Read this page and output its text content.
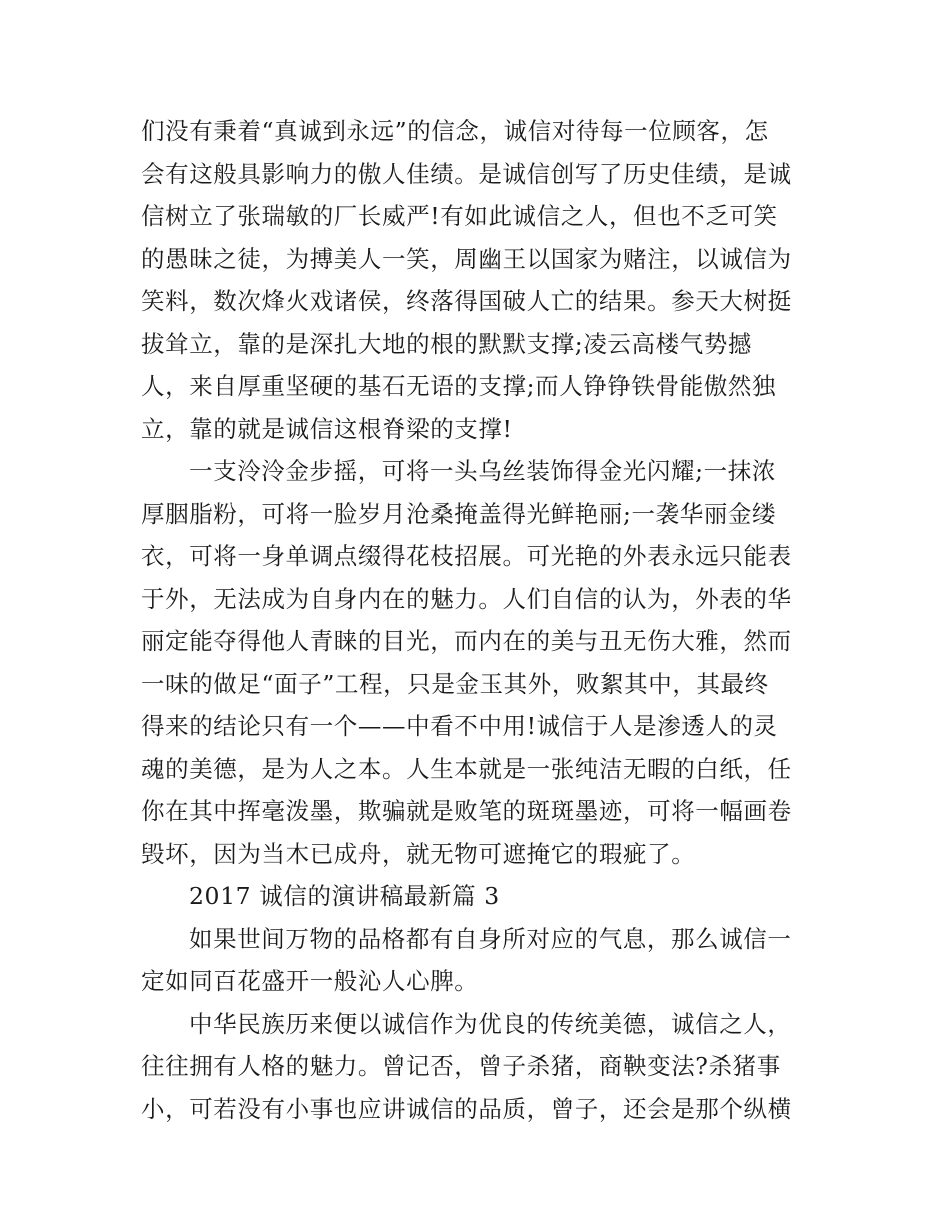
们没有秉着“真诚到永远”的信念，诚信对待每一位顾客，怎
会有这般具影响力的傲人佳绩。是诚信创写了历史佳绩，是诚
信树立了张瑞敏的厂长威严!有如此诚信之人，但也不乏可笑
的愚昧之徒，为搏美人一笑，周幽王以国家为赌注，以诚信为
笑料，数次烽火戏诸侯，终落得国破人亡的结果。参天大树挺
拔耸立，靠的是深扎大地的根的默默支撑;凌云高楼气势撼
人，来自厚重坚硬的基石无语的支撑;而人铮铮铁骨能傲然独
立，靠的就是诚信这根脊梁的支撑!
一支泠泠金步摇，可将一头乌丝装饰得金光闪耀;一抹浓
厚胭脂粉，可将一脸岁月沧桑掩盖得光鲜艳丽;一袭华丽金缕
衣，可将一身单调点缀得花枝招展。可光艳的外表永远只能表
于外，无法成为自身内在的魅力。人们自信的认为，外表的华
丽定能夺得他人青睐的目光，而内在的美与丑无伤大雅，然而
一味的做足“面子”工程，只是金玉其外，败絮其中，其最终
得来的结论只有一个——中看不中用!诚信于人是渗透人的灵
魂的美德，是为人之本。人生本就是一张纯洁无暇的白纸，任
你在其中挥毫泼墨，欺骗就是败笔的斑斑墨迹，可将一幅画卷
毁坏，因为当木已成舟，就无物可遮掩它的瑕疵了。
2017 诚信的演讲稿最新篇 3
如果世间万物的品格都有自身所对应的气息，那么诚信一
定如同百花盛开一般沁人心脾。
中华民族历来便以诚信作为优良的传统美德，诚信之人，
往往拥有人格的魅力。曾记否，曾子杀猪，商鞅变法?杀猪事
小，可若没有小事也应讲诚信的品质，曾子，还会是那个纵横
